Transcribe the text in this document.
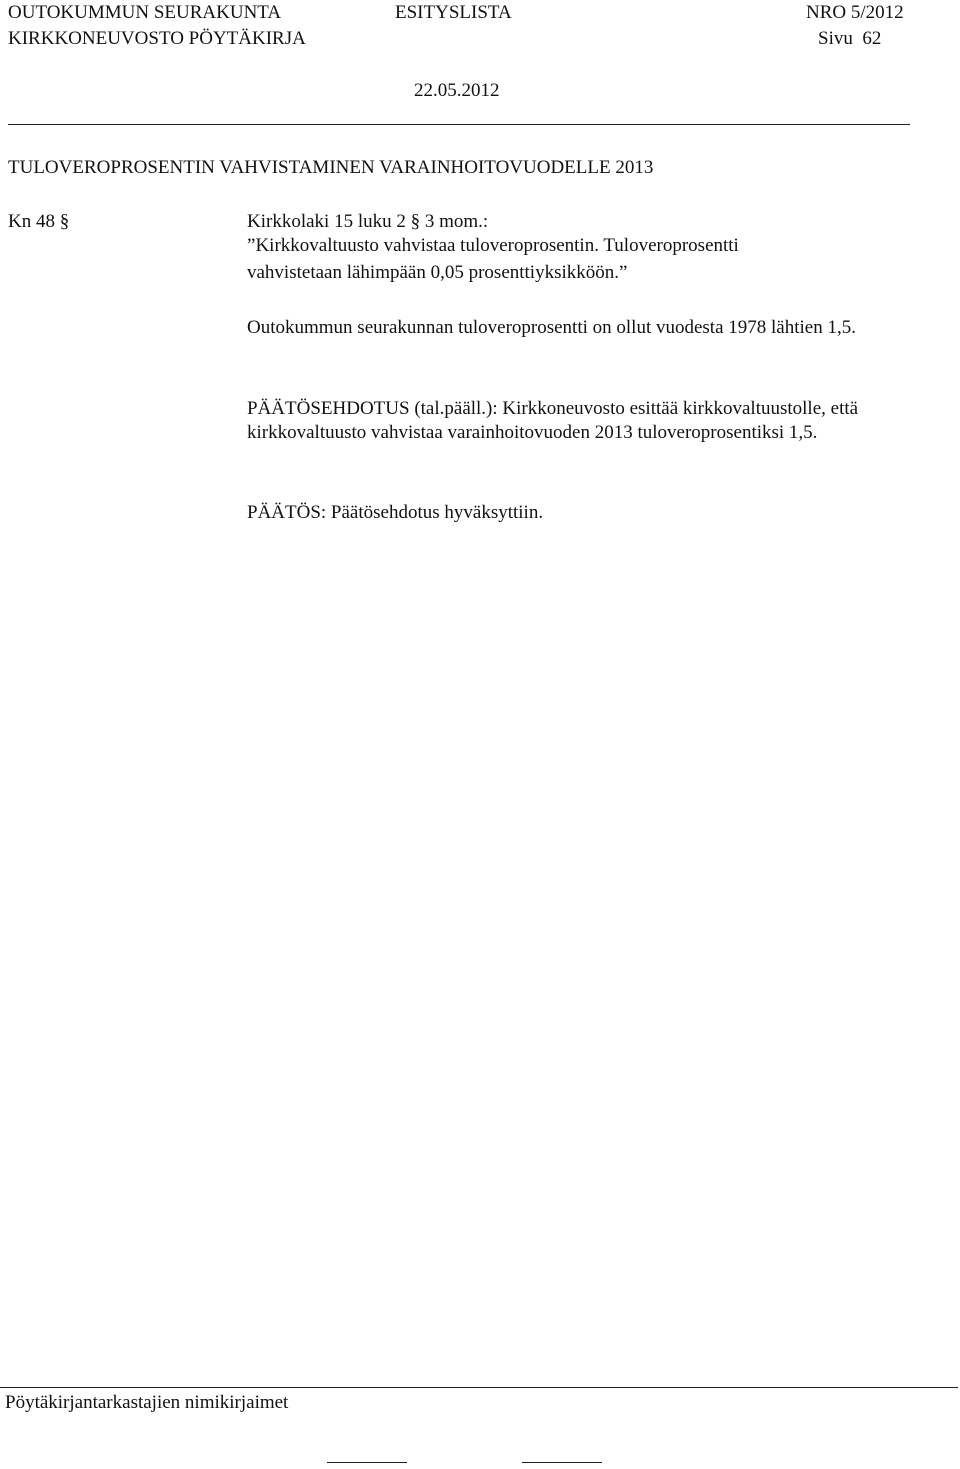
OUTOKUMMUN SEURAKUNTA	ESITYSLISTA	NRO 5/2012
KIRKKONEUVOSTO PÖYTÄKIRJA	Sivu 62
22.05.2012
TULOVEROPROSENTIN VAHVISTAMINEN VARAINHOITOVUODELLE 2013
Kn 48 §	Kirkkolaki 15 luku 2 § 3 mom.:
”Kirkkovaltuusto vahvistaa tuloveroprosentin. Tuloveroprosentti
vahvistetaan lähimpään 0,05 prosenttiyksikköön.”
Outokummun seurakunnan tuloveroprosentti on ollut vuodesta 1978 lähtien 1,5.
PÄÄTÖSEHDOTUS (tal.pääll.): Kirkkoneuvosto esittää kirkkovaltuustolle, että kirkkovaltuusto vahvistaa varainhoitovuoden 2013 tuloveroprosentiksi 1,5.
PÄÄTÖS: Päätösehdotus hyväksyttiin.
Pöytäkirjantarkastajien nimikirjaimet
